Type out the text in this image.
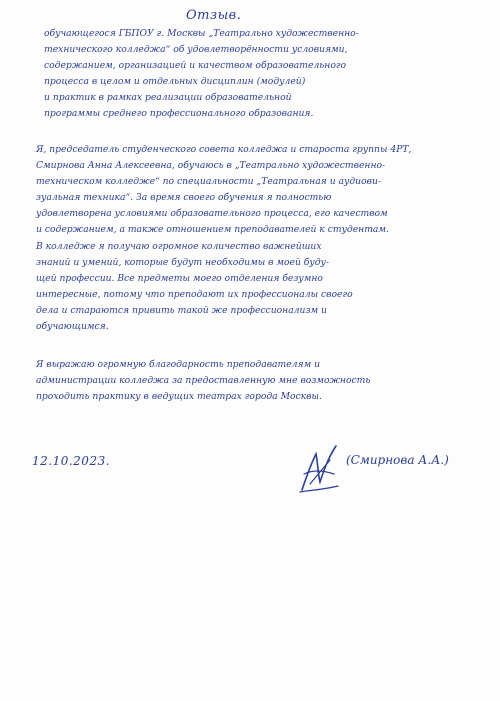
Отзыв.

обучающегося ГБПОУ г. Москвы „Театрально художественно-
технического колледжа“ об удовлетворённости условиями,
содержанием, организацией и качеством образовательного
процесса в целом и отдельных дисциплин (модулей)
и практик в рамках реализации образовательной
программы среднего профессионального образования.

Я, председатель студенческого совета колледжа и староста группы 4РТ,
Смирнова Анна Алексеевна, обучаюсь в „Театрально художественно-
техническом колледже“ по специальности „Театральная и аудиови-
зуальная техника“. За время своего обучения я полностью
удовлетворена условиями образовательного процесса, его качеством
и содержанием, а также отношением преподавателей к студентам.
В колледже я получаю огромное количество важнейших
знаний и умений, которые будут необходимы в моей буду-
щей профессии. Все предметы моего отделения безумно
интересные, потому что преподают их профессионалы своего
дела и стараются привить такой же профессионализм и
обучающимся.

Я выражаю огромную благодарность преподавателям и
администрации колледжа за предоставленную мне возможность
проходить практику в ведущих театрах города Москвы.

12.10.2023.	(Смирнова А.А.)
